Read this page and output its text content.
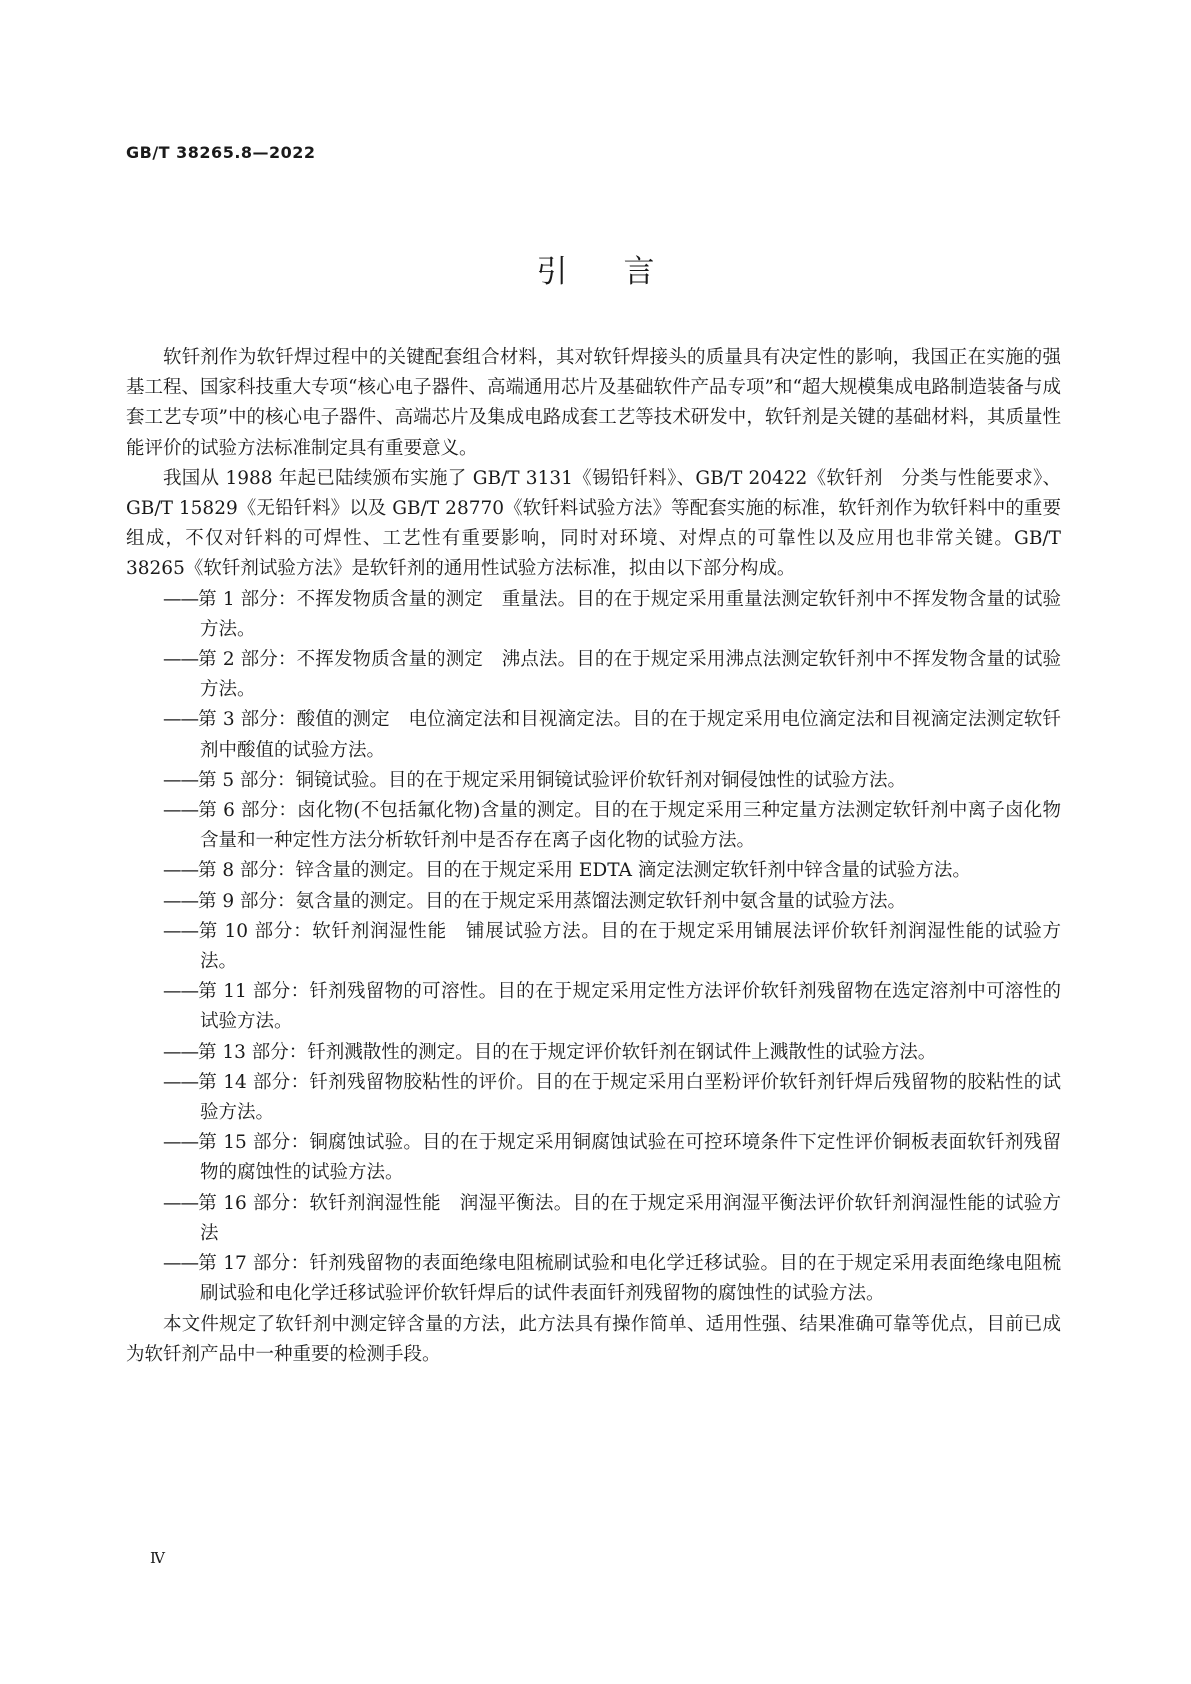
GB/T 38265.8—2022
引言

软钎剂作为软钎焊过程中的关键配套组合材料，其对软钎焊接头的质量具有决定性的影响，我国正在实施的强基工程、国家科技重大专项“核心电子器件、高端通用芯片及基础软件产品专项”和“超大规模集成电路制造装备与成套工艺专项”中的核心电子器件、高端芯片及集成电路成套工艺等技术研发中，软钎剂是关键的基础材料，其质量性能评价的试验方法标准制定具有重要意义。

我国从 1988 年起已陆续颁布实施了 GB/T 3131《锡铅钎料》、GB/T 20422《软钎剂　分类与性能要求》、GB/T 15829《无铅钎料》以及 GB/T 28770《软钎料试验方法》等配套实施的标准，软钎剂作为软钎料中的重要组成，不仅对钎料的可焊性、工艺性有重要影响，同时对环境、对焊点的可靠性以及应用也非常关键。GB/T 38265《软钎剂试验方法》是软钎剂的通用性试验方法标准，拟由以下部分构成。

——第 1 部分：不挥发物质含量的测定　重量法。目的在于规定采用重量法测定软钎剂中不挥发物含量的试验方法。
——第 2 部分：不挥发物质含量的测定　沸点法。目的在于规定采用沸点法测定软钎剂中不挥发物含量的试验方法。
——第 3 部分：酸值的测定　电位滴定法和目视滴定法。目的在于规定采用电位滴定法和目视滴定法测定软钎剂中酸值的试验方法。
——第 5 部分：铜镜试验。目的在于规定采用铜镜试验评价软钎剂对铜侵蚀性的试验方法。
——第 6 部分：卤化物(不包括氟化物)含量的测定。目的在于规定采用三种定量方法测定软钎剂中离子卤化物含量和一种定性方法分析软钎剂中是否存在离子卤化物的试验方法。
——第 8 部分：锌含量的测定。目的在于规定采用 EDTA 滴定法测定软钎剂中锌含量的试验方法。
——第 9 部分：氨含量的测定。目的在于规定采用蒸馏法测定软钎剂中氨含量的试验方法。
——第 10 部分：软钎剂润湿性能　铺展试验方法。目的在于规定采用铺展法评价软钎剂润湿性能的试验方法。
——第 11 部分：钎剂残留物的可溶性。目的在于规定采用定性方法评价软钎剂残留物在选定溶剂中可溶性的试验方法。
——第 13 部分：钎剂溅散性的测定。目的在于规定评价软钎剂在钢试件上溅散性的试验方法。
——第 14 部分：钎剂残留物胶粘性的评价。目的在于规定采用白垩粉评价软钎剂钎焊后残留物的胶粘性的试验方法。
——第 15 部分：铜腐蚀试验。目的在于规定采用铜腐蚀试验在可控环境条件下定性评价铜板表面软钎剂残留物的腐蚀性的试验方法。
——第 16 部分：软钎剂润湿性能　润湿平衡法。目的在于规定采用润湿平衡法评价软钎剂润湿性能的试验方法
——第 17 部分：钎剂残留物的表面绝缘电阻梳刷试验和电化学迁移试验。目的在于规定采用表面绝缘电阻梳刷试验和电化学迁移试验评价软钎焊后的试件表面钎剂残留物的腐蚀性的试验方法。

本文件规定了软钎剂中测定锌含量的方法，此方法具有操作简单、适用性强、结果准确可靠等优点，目前已成为软钎剂产品中一种重要的检测手段。

Ⅳ
